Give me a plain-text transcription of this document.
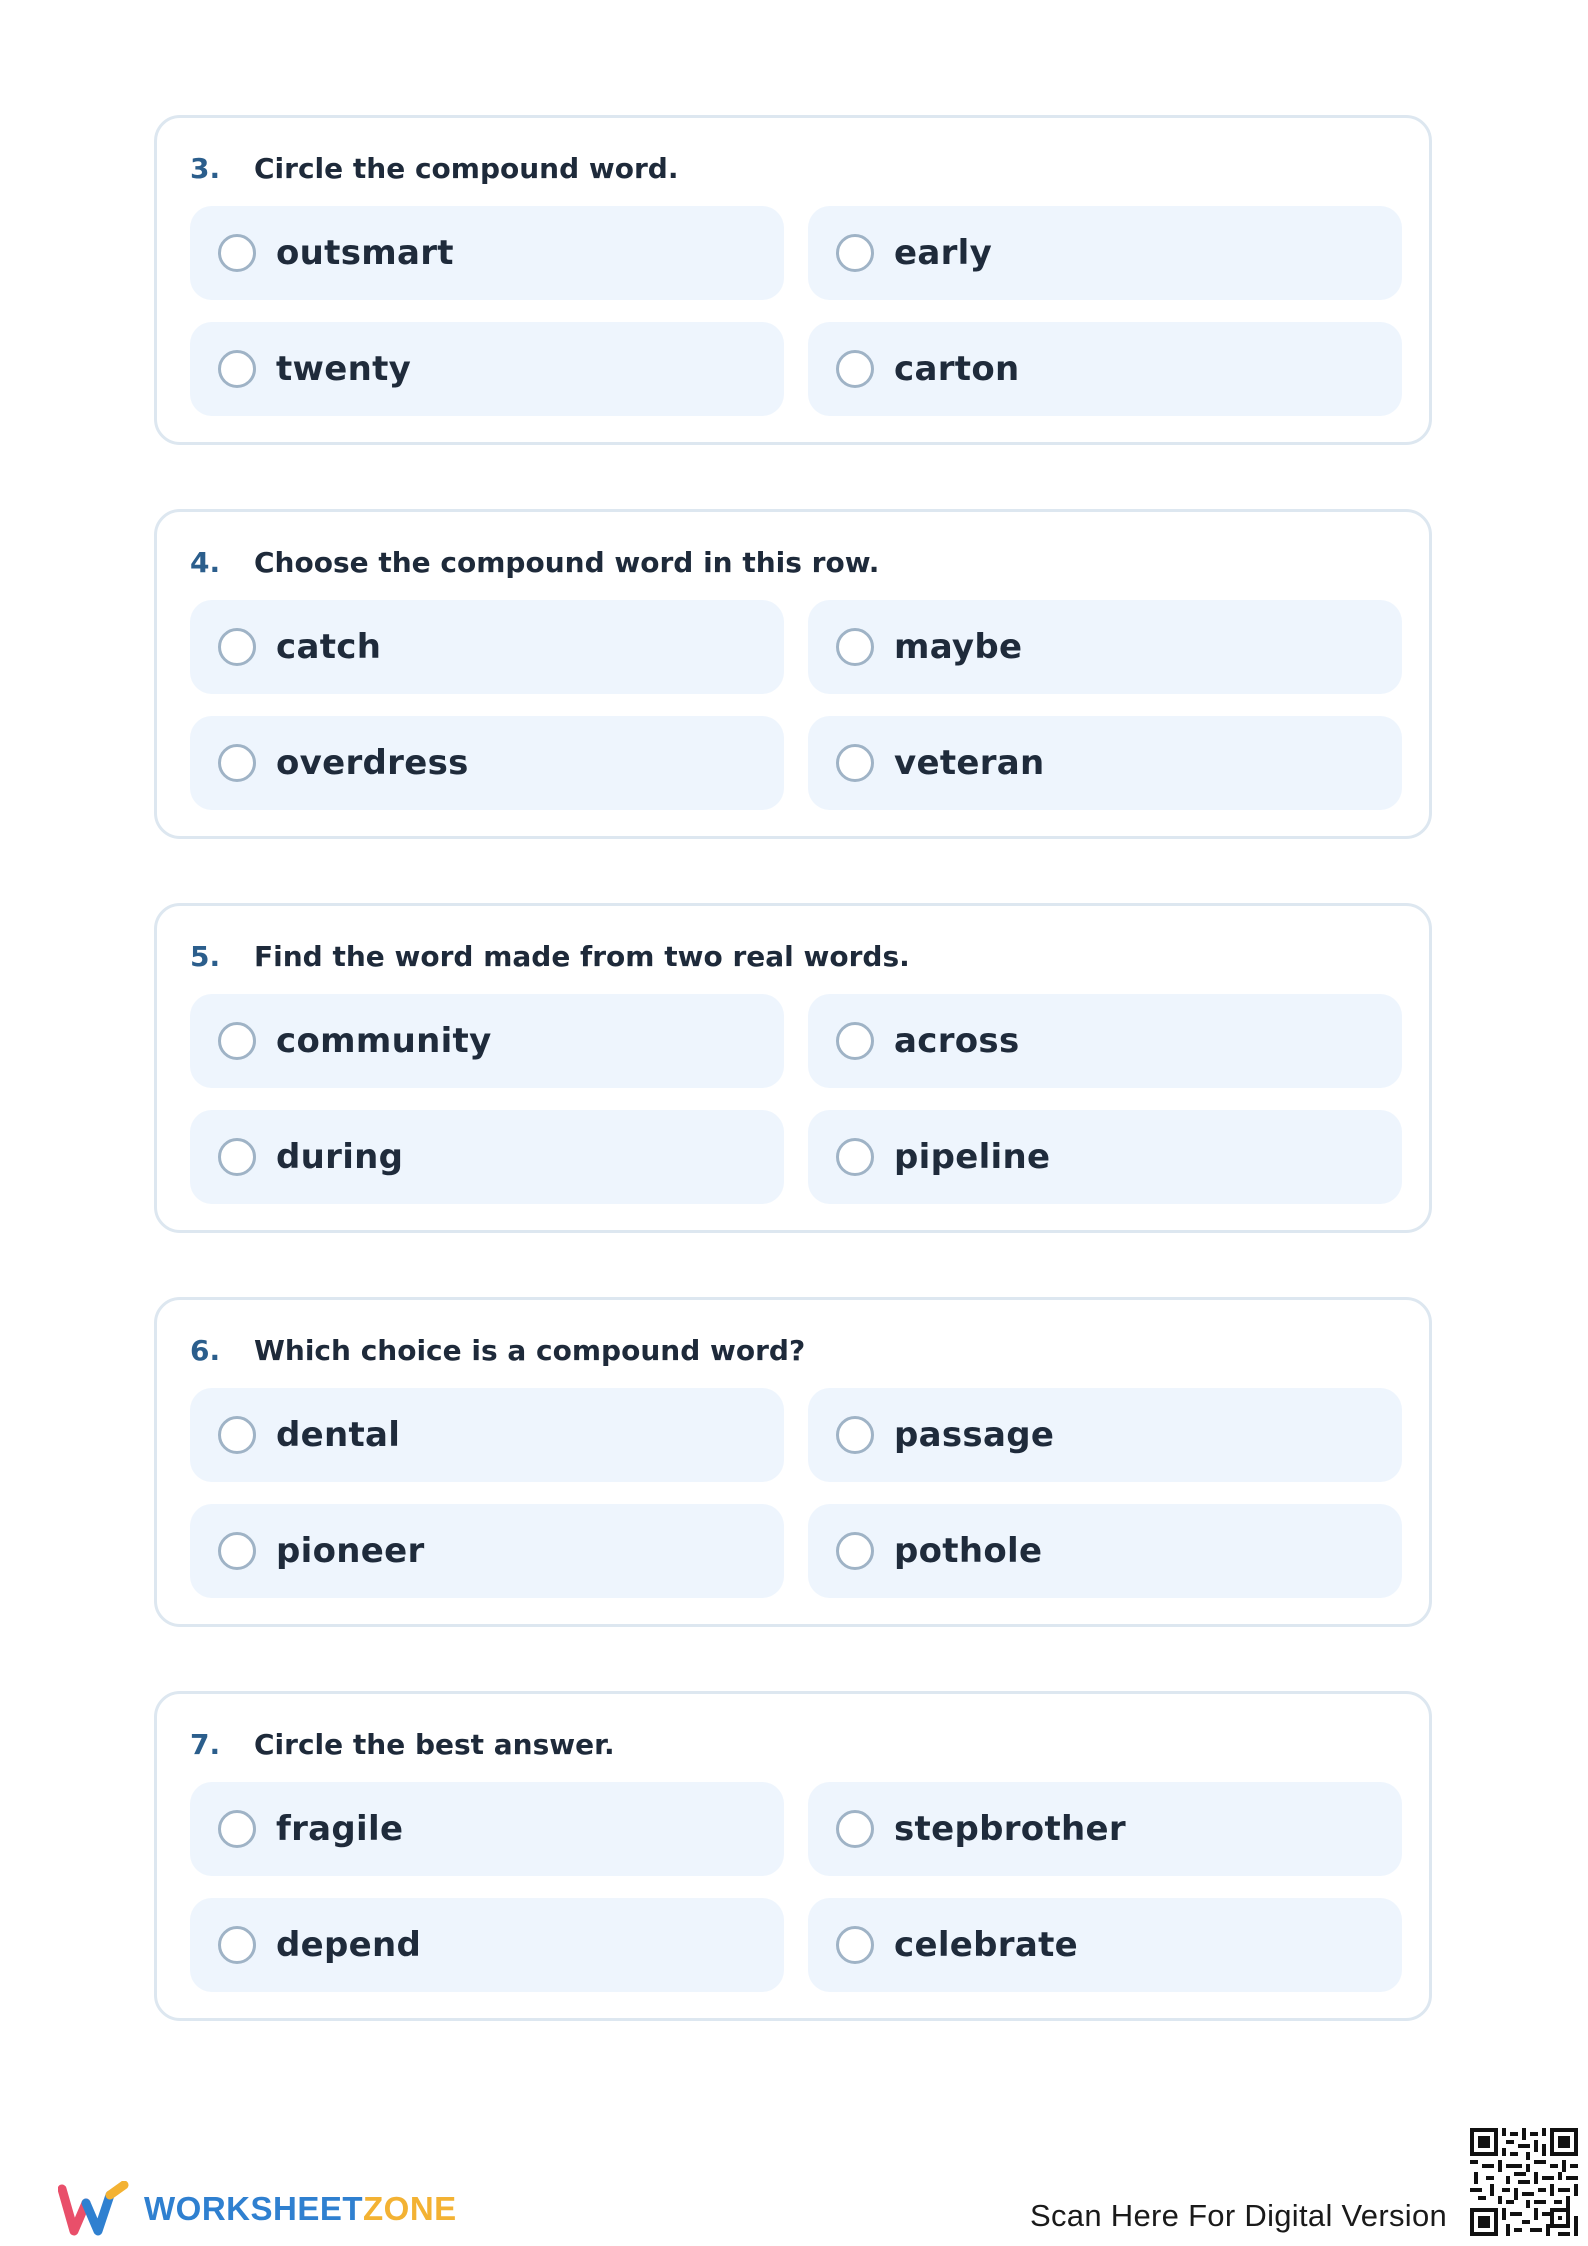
3.	Circle the compound word.
outsmart	early
twenty	carton
4.	Choose the compound word in this row.
catch	maybe
overdress	veteran
5.	Find the word made from two real words.
community	across
during	pipeline
6.	Which choice is a compound word?
dental	passage
pioneer	pothole
7.	Circle the best answer.
fragile	stepbrother
depend	celebrate
WORKSHEETZONE	Scan Here For Digital Version
